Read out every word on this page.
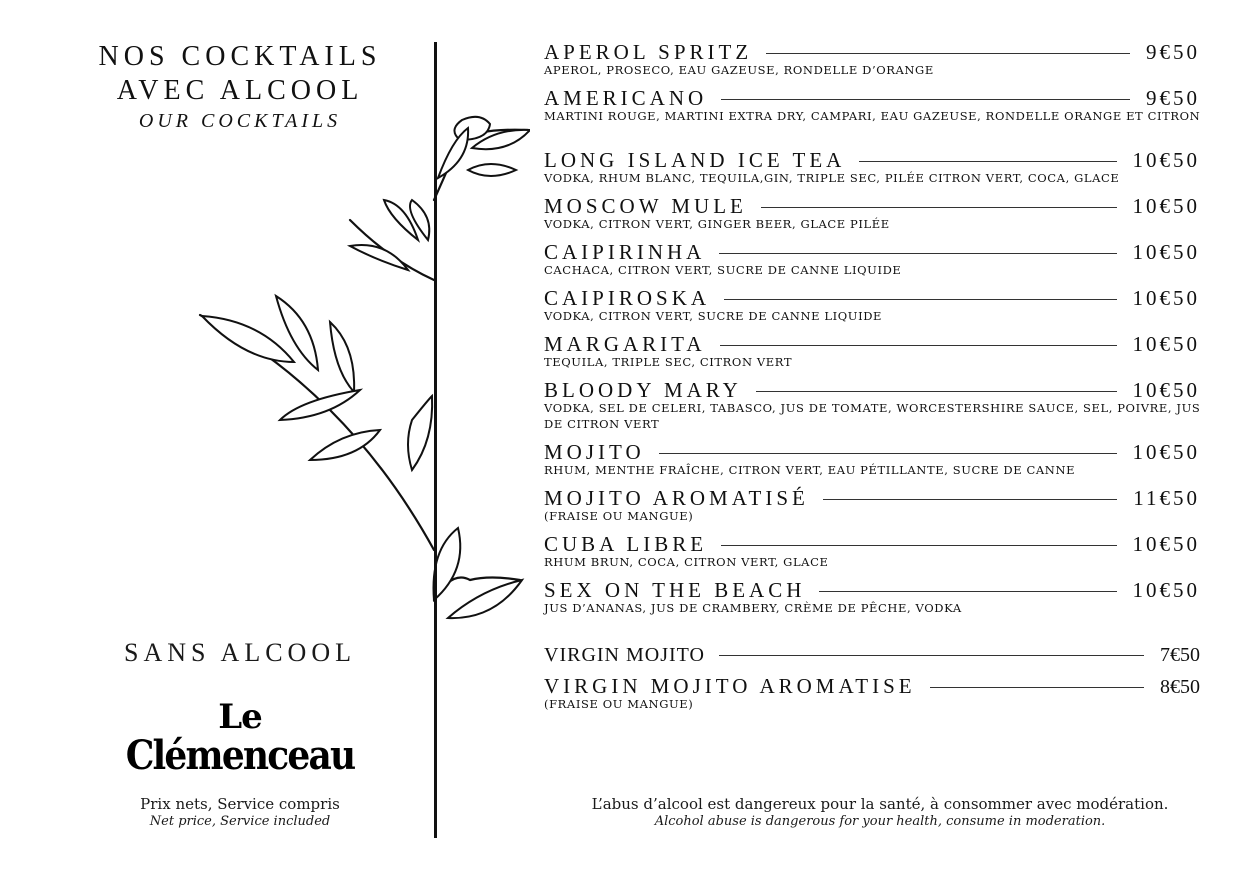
NOS COCKTAILS
AVEC ALCOOL
OUR COCKTAILS
SANS ALCOOL
Le
Clémenceau
Prix nets, Service compris
Net price, Service included
APEROL SPRITZ	9€50
APEROL, PROSECO, EAU GAZEUSE, RONDELLE D’ORANGE
AMERICANO	9€50
MARTINI ROUGE, MARTINI EXTRA DRY, CAMPARI, EAU GAZEUSE, RONDELLE ORANGE ET CITRON
LONG ISLAND ICE TEA	10€50
VODKA, RHUM BLANC, TEQUILA,GIN, TRIPLE SEC, PILÉE CITRON VERT, COCA, GLACE
MOSCOW MULE	10€50
VODKA, CITRON VERT, GINGER BEER, GLACE PILÉE
CAIPIRINHA	10€50
CACHACA, CITRON VERT, SUCRE DE CANNE LIQUIDE
CAIPIROSKA	10€50
VODKA, CITRON VERT, SUCRE DE CANNE LIQUIDE
MARGARITA	10€50
TEQUILA, TRIPLE SEC, CITRON VERT
BLOODY MARY	10€50
VODKA, SEL DE CELERI, TABASCO, JUS DE TOMATE, WORCESTERSHIRE SAUCE, SEL, POIVRE, JUS DE CITRON VERT
MOJITO	10€50
RHUM, MENTHE FRAÎCHE, CITRON VERT, EAU PÉTILLANTE, SUCRE DE CANNE
MOJITO AROMATISÉ	11€50
(FRAISE OU MANGUE)
CUBA LIBRE	10€50
RHUM BRUN, COCA, CITRON VERT, GLACE
SEX ON THE BEACH	10€50
JUS D’ANANAS, JUS DE CRAMBERY, CRÈME DE PÊCHE, VODKA
VIRGIN MOJITO	7€50
VIRGIN MOJITO AROMATISE	8€50
(FRAISE OU MANGUE)
L’abus d’alcool est dangereux pour la santé, à consommer avec modération.
Alcohol abuse is dangerous for your health, consume in moderation.
